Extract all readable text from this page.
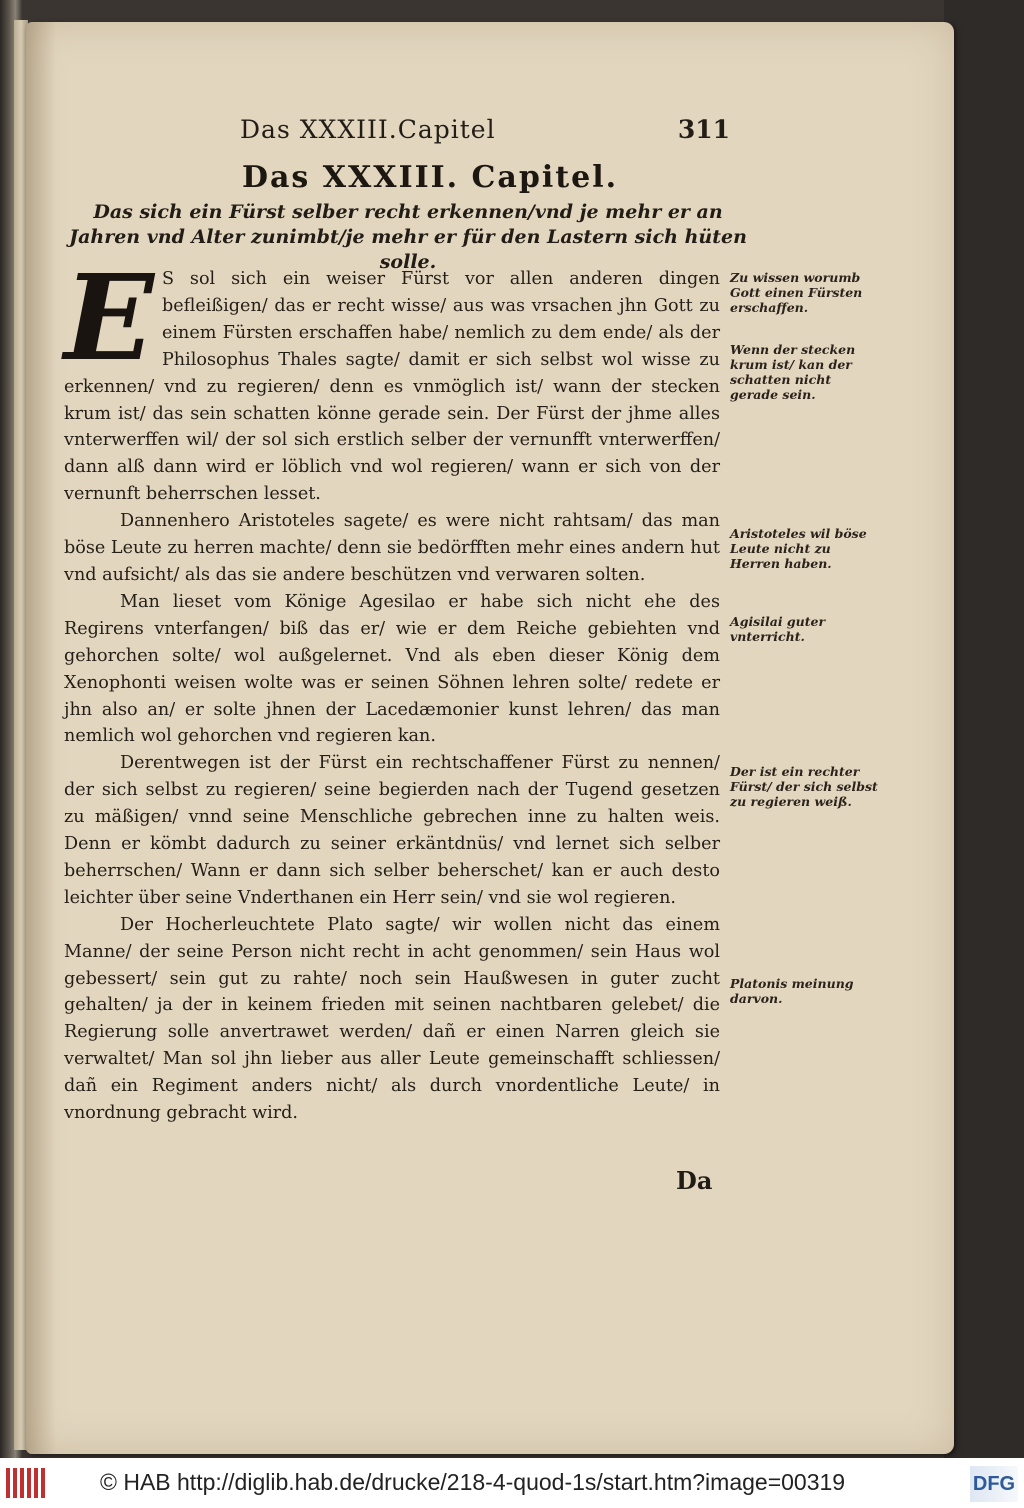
Das XXXIII.Capitel	311
Das XXXIII. Capitel.
Das sich ein Fürst selber recht erkennen/vnd je mehr er an Jahren vnd Alter zunimbt/je mehr er für den Lastern sich hüten solle.

E S sol sich ein weiser Fürst vor allen anderen dingen befleißigen/ das er recht wisse/ aus was vrsachen jhn Gott zu einem Fürsten erschaffen habe/ nemlich zu dem ende/ als der Philosophus Thales sagte/ damit er sich selbst wol wisse zu erkennen/ vnd zu regieren/ denn es vnmöglich ist/ wann der stecken krum ist/ das sein schatten könne gerade sein. Der Fürst der jhme alles vnterwerffen wil/ der sol sich erstlich selber der vernunfft vnterwerffen/ dann alß dann wird er löblich vnd wol regieren/ wann er sich von der vernunft beherrschen lesset.

Dannenhero Aristoteles sagete/ es were nicht rahtsam/ das man böse Leute zu herren machte/ denn sie bedörfften mehr eines andern hut vnd aufsicht/ als das sie andere beschützen vnd verwaren solten.

Man lieset vom Könige Agesilao er habe sich nicht ehe des Regirens vnterfangen/ biß das er/ wie er dem Reiche gebiehten vnd gehorchen solte/ wol außgelernet. Vnd als eben dieser König dem Xenophonti weisen wolte was er seinen Söhnen lehren solte/ redete er jhn also an/ er solte jhnen der Lacedæmonier kunst lehren/ das man nemlich wol gehorchen vnd regieren kan.

Derentwegen ist der Fürst ein rechtschaffener Fürst zu nennen/ der sich selbst zu regieren/ seine begierden nach der Tugend gesetzen zu mäßigen/ vnnd seine Menschliche gebrechen inne zu halten weis. Denn er kömbt dadurch zu seiner erkäntdnüs/ vnd lernet sich selber beherrschen/ Wann er dann sich selber beherschet/ kan er auch desto leichter über seine Vnderthanen ein Herr sein/ vnd sie wol regieren.

Der Hocherleuchtete Plato sagte/ wir wollen nicht das einem Manne/ der seine Person nicht recht in acht genommen/ sein Haus wol gebessert/ sein gut zu rahte/ noch sein Haußwesen in guter zucht gehalten/ ja der in keinem frieden mit seinen nachtbaren gelebet/ die Regierung solle anvertrawet werden/ dañ er einen Narren gleich sie verwaltet/ Man sol jhn lieber aus aller Leute gemeinschafft schliessen/ dañ ein Regiment anders nicht/ als durch vnordentliche Leute/ in vnordnung gebracht wird.

Da
Zu wissen worumb Gott einen Fürsten erschaffen.
Wenn der stecken krum ist/ kan der schatten nicht gerade sein.
Aristoteles wil böse Leute nicht zu Herren haben.
Agisilai guter vnterricht.
Der ist ein rechter Fürst/ der sich selbst zu regieren weiß.
Platonis meinung darvon.
© HAB http://diglib.hab.de/drucke/218-4-quod-1s/start.htm?image=00319	DFG
